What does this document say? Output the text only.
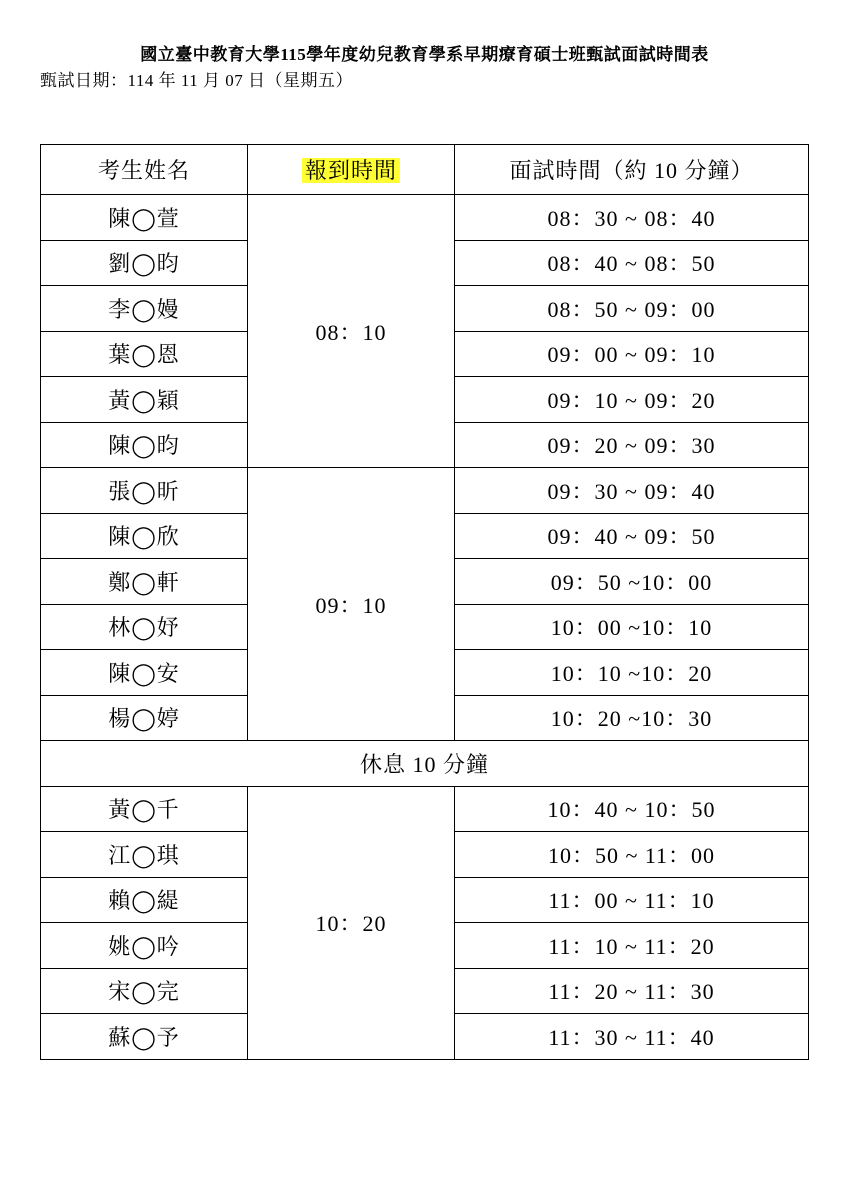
國立臺中教育大學115學年度幼兒教育學系早期療育碩士班甄試面試時間表
甄試日期：114 年 11 月 07 日（星期五）
考生姓名	報到時間	面試時間（約 10 分鐘）
陳◯萱	08：10	08：30 ~ 08：40
劉◯昀		08：40 ~ 08：50
李◯嫚		08：50 ~ 09：00
葉◯恩		09：00 ~ 09：10
黃◯穎		09：10 ~ 09：20
陳◯昀		09：20 ~ 09：30
張◯昕	09：10	09：30 ~ 09：40
陳◯欣		09：40 ~ 09：50
鄭◯軒		09：50 ~10：00
林◯妤		10：00 ~10：10
陳◯安		10：10 ~10：20
楊◯婷		10：20 ~10：30
休息 10 分鐘		
黃◯千	10：20	10：40 ~ 10：50
江◯琪		10：50 ~ 11：00
賴◯緹		11：00 ~ 11：10
姚◯吟		11：10 ~ 11：20
宋◯完		11：20 ~ 11：30
蘇◯予		11：30 ~ 11：40
